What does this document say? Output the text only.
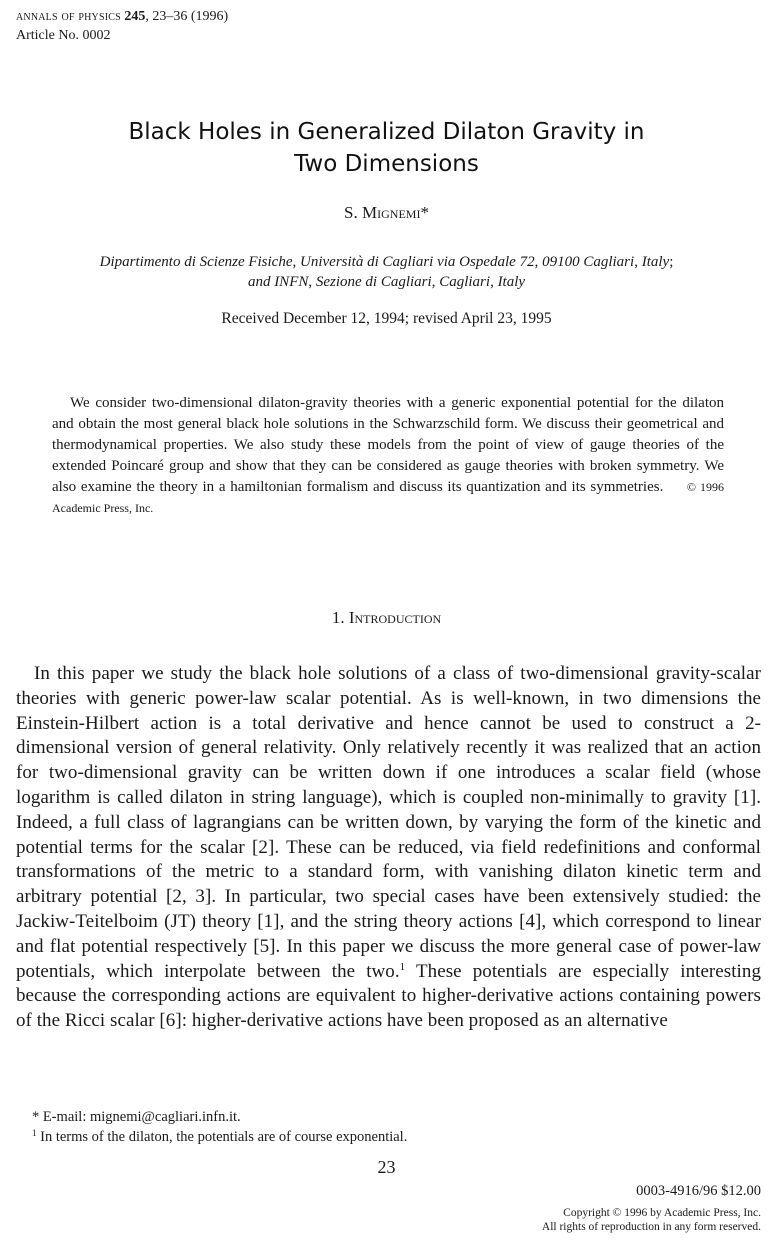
annals of physics 245, 23–36 (1996)
Article No. 0002
Black Holes in Generalized Dilaton Gravity in
Two Dimensions
S. Mignemi*
Dipartimento di Scienze Fisiche, Università di Cagliari via Ospedale 72, 09100 Cagliari, Italy;
and INFN, Sezione di Cagliari, Cagliari, Italy
Received December 12, 1994; revised April 23, 1995
We consider two-dimensional dilaton-gravity theories with a generic exponential potential for the dilaton and obtain the most general black hole solutions in the Schwarzschild form. We discuss their geometrical and thermodynamical properties. We also study these models from the point of view of gauge theories of the extended Poincaré group and show that they can be considered as gauge theories with broken symmetry. We also examine the theory in a hamiltonian formalism and discuss its quantization and its symmetries. © 1996 Academic Press, Inc.
1. Introduction
In this paper we study the black hole solutions of a class of two-dimensional gravity-scalar theories with generic power-law scalar potential. As is well-known, in two dimensions the Einstein-Hilbert action is a total derivative and hence cannot be used to construct a 2-dimensional version of general relativity. Only relatively recently it was realized that an action for two-dimensional gravity can be written down if one introduces a scalar field (whose logarithm is called dilaton in string language), which is coupled non-minimally to gravity [1]. Indeed, a full class of lagrangians can be written down, by varying the form of the kinetic and potential terms for the scalar [2]. These can be reduced, via field redefinitions and conformal transformations of the metric to a standard form, with vanishing dilaton kinetic term and arbitrary potential [2, 3]. In particular, two special cases have been extensively studied: the Jackiw-Teitelboim (JT) theory [1], and the string theory actions [4], which correspond to linear and flat potential respectively [5]. In this paper we discuss the more general case of power-law potentials, which interpolate between the two.$^1$ These potentials are especially interesting because the corresponding actions are equivalent to higher-derivative actions containing powers of the Ricci scalar [6]: higher-derivative actions have been proposed as an alternative
* E-mail: mignemi@cagliari.infn.it.
$^1$ In terms of the dilaton, the potentials are of course exponential.
23
0003-4916/96 $12.00
Copyright © 1996 by Academic Press, Inc.
All rights of reproduction in any form reserved.
